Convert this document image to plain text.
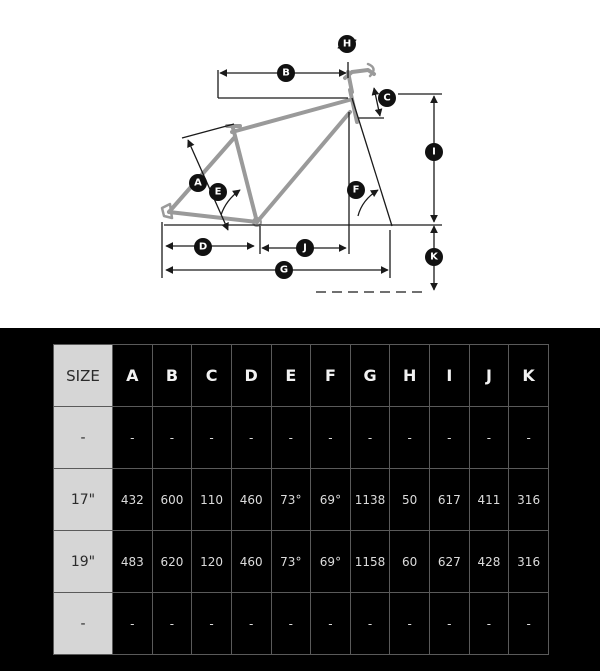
A
B
C
D
E	F
G
H
I
J
K
SIZE	A	B	C	D	E	F	G	H	I	J	K
-	-	-	-	-	-	-	-	-	-	-	-
17"	432	600	110	460	73°	69°	1138	50	617	411	316
19"	483	620	120	460	73°	69°	1158	60	627	428	316
-	-	-	-	-	-	-	-	-	-	-	-
